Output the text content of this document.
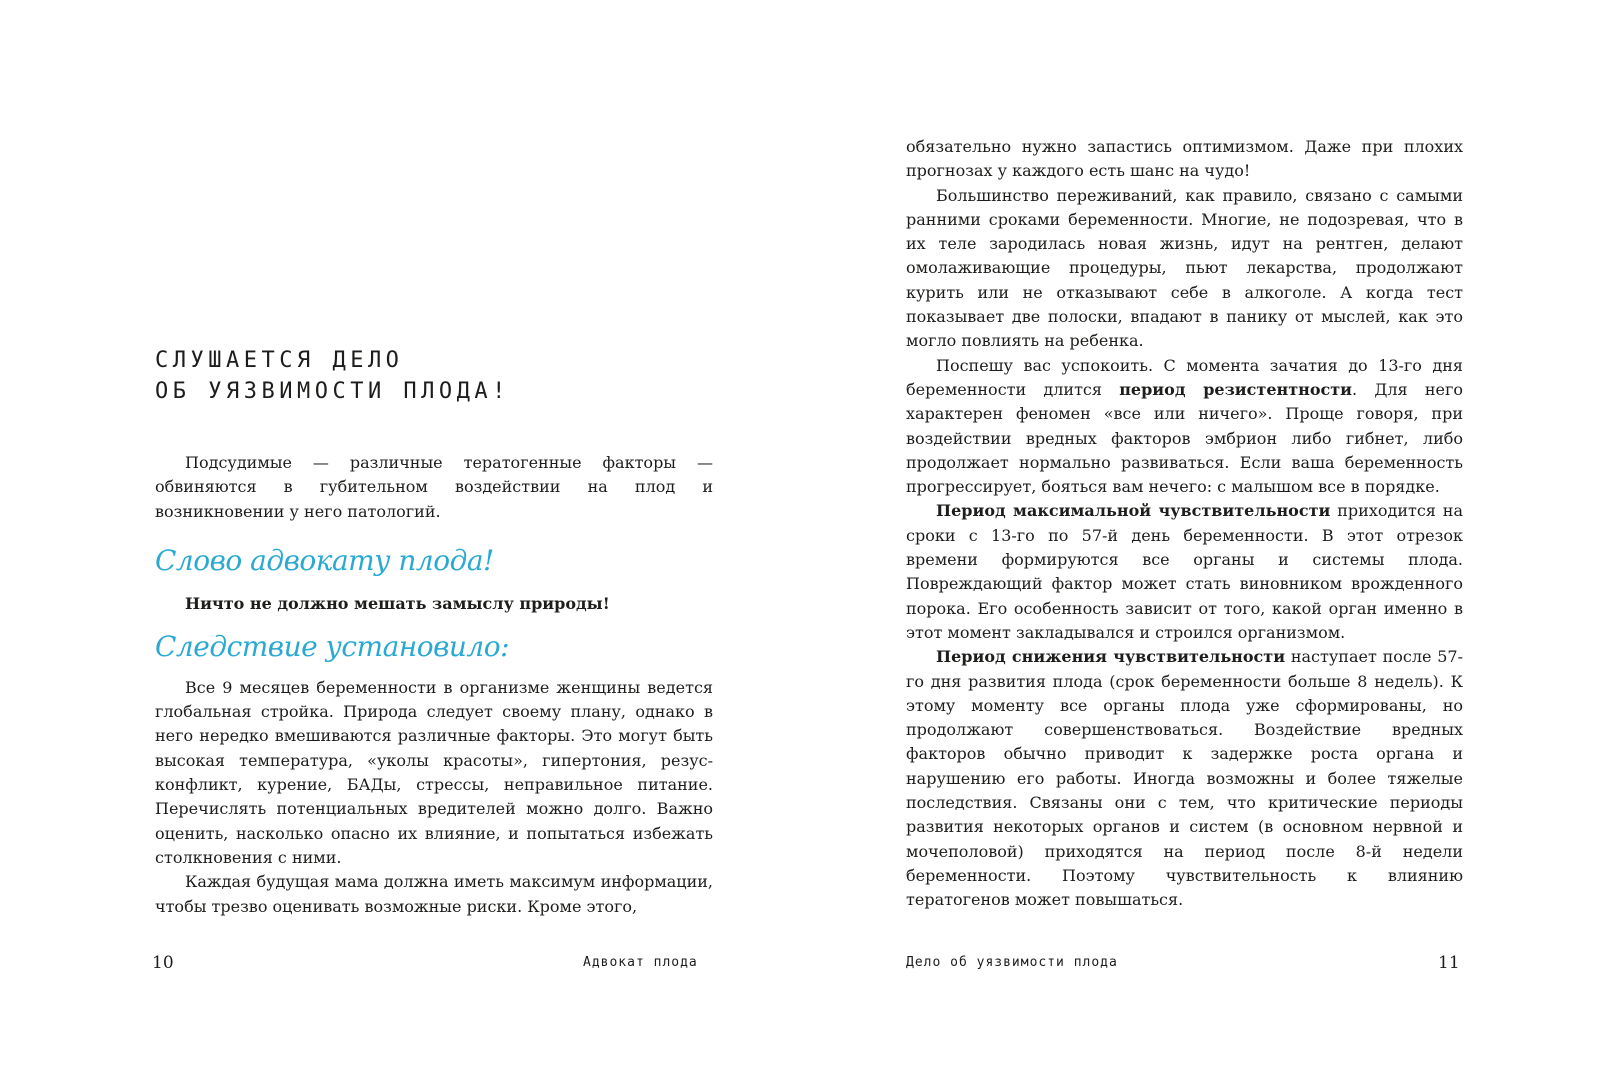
СЛУШАЕТСЯ ДЕЛО
ОБ УЯЗВИМОСТИ ПЛОДА!

Подсудимые — различные тератогенные факторы — обвиняются в губительном воздействии на плод и возникновении у него патологий.

Слово адвокату плода!

Ничто не должно мешать замыслу природы!

Следствие установило:

Все 9 месяцев беременности в организме женщины ведется глобальная стройка. Природа следует своему плану, однако в него нередко вмешиваются различные факторы. Это могут быть высокая температура, «уколы красоты», гипертония, резус-конфликт, курение, БАДы, стрессы, неправильное питание. Перечислять потенциальных вредителей можно долго. Важно оценить, насколько опасно их влияние, и попытаться избежать столкновения с ними.

Каждая будущая мама должна иметь максимум информации, чтобы трезво оценивать возможные риски. Кроме этого,

10	Адвокат плода

обязательно нужно запастись оптимизмом. Даже при плохих прогнозах у каждого есть шанс на чудо!

Большинство переживаний, как правило, связано с самыми ранними сроками беременности. Многие, не подозревая, что в их теле зародилась новая жизнь, идут на рентген, делают омолаживающие процедуры, пьют лекарства, продолжают курить или не отказывают себе в алкоголе. А когда тест показывает две полоски, впадают в панику от мыслей, как это могло повлиять на ребенка.

Поспешу вас успокоить. С момента зачатия до 13-го дня беременности длится период резистентности. Для него характерен феномен «все или ничего». Проще говоря, при воздействии вредных факторов эмбрион либо гибнет, либо продолжает нормально развиваться. Если ваша беременность прогрессирует, бояться вам нечего: с малышом все в порядке.

Период максимальной чувствительности приходится на сроки с 13-го по 57-й день беременности. В этот отрезок времени формируются все органы и системы плода. Повреждающий фактор может стать виновником врожденного порока. Его особенность зависит от того, какой орган именно в этот момент закладывался и строился организмом.

Период снижения чувствительности наступает после 57-го дня развития плода (срок беременности больше 8 недель). К этому моменту все органы плода уже сформированы, но продолжают совершенствоваться. Воздействие вредных факторов обычно приводит к задержке роста органа и нарушению его работы. Иногда возможны и более тяжелые последствия. Связаны они с тем, что критические периоды развития некоторых органов и систем (в основном нервной и мочеполовой) приходятся на период после 8-й недели беременности. Поэтому чувствительность к влиянию тератогенов может повышаться.

Дело об уязвимости плода	11
